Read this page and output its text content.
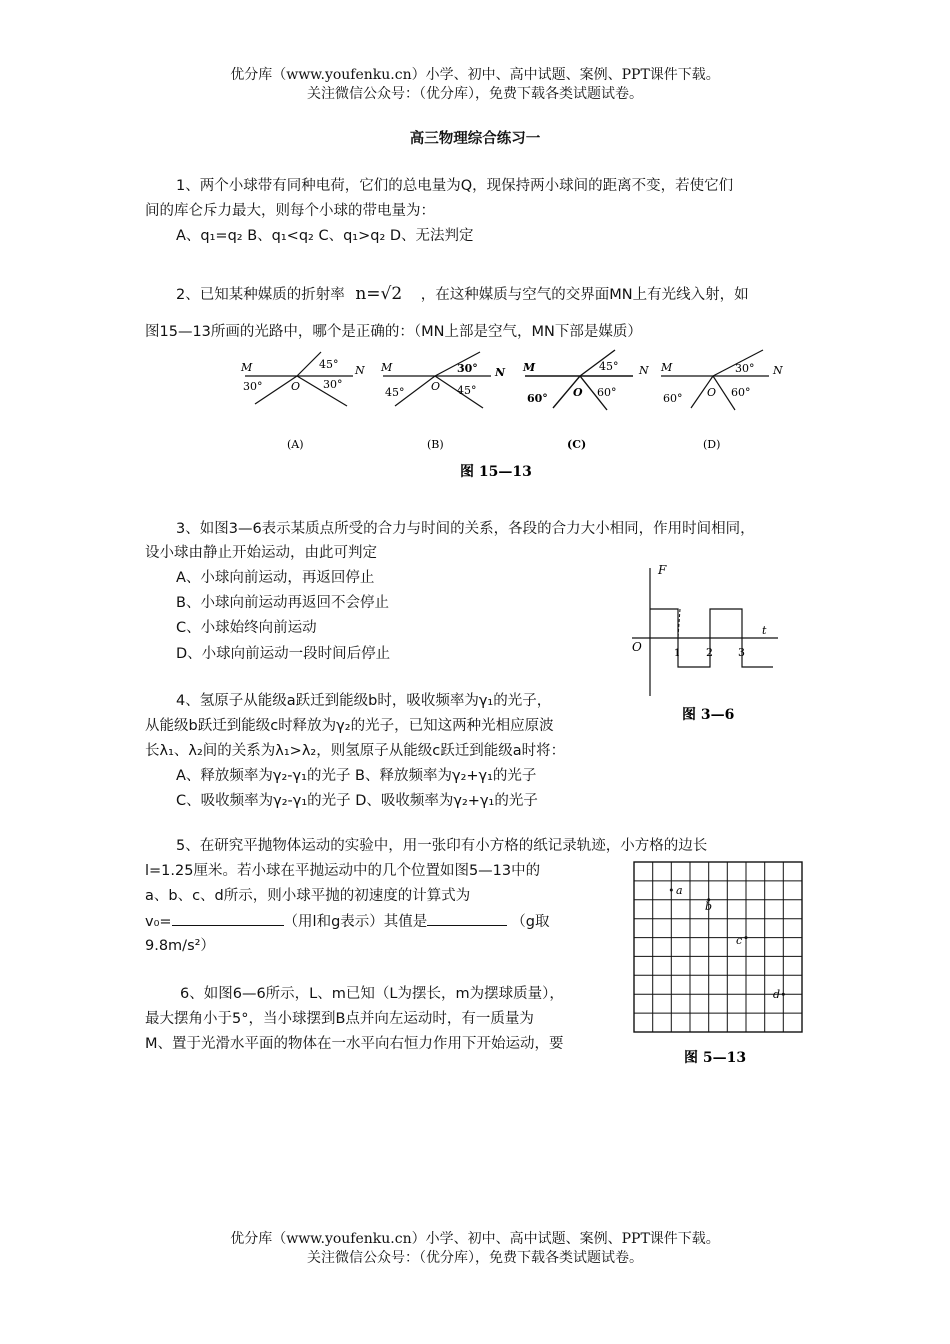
优分库（www.youfenku.cn）小学、初中、高中试题、案例、PPT课件下载。
关注微信公众号：（优分库），免费下载各类试题试卷。
高三物理综合练习一
1、两个小球带有同种电荷，它们的总电量为Q，现保持两小球间的距离不变，若使它们
间的库仑斥力最大，则每个小球的带电量为：
A、q₁=q₂ B、q₁<q₂ C、q₁>q₂ D、无法判定
2、已知某种媒质的折射率 n=√2 ，在这种媒质与空气的交界面MN上有光线入射，如
图15—13所画的光路中，哪个是正确的：（MN上部是空气，MN下部是媒质）
M	N
O
30°
45°
30°
(A)
M	N
O
45°
30°
45°
(B)
M	N
O
60°
45°
60°
(C)
M	N
O
60°
30°
60°
(D)
图 15—13
3、如图3—6表示某质点所受的合力与时间的关系，各段的合力大小相同，作用时间相同，
设小球由静止开始运动，由此可判定
A、小球向前运动，再返回停止
B、小球向前运动再返回不会停止
C、小球始终向前运动
D、小球向前运动一段时间后停止
F
t
O	1 2 3
图 3—6
4、氢原子从能级a跃迁到能级b时，吸收频率为γ₁的光子，
从能级b跃迁到能级c时释放为γ₂的光子，已知这两种光相应原波
长λ₁、λ₂间的关系为λ₁>λ₂，则氢原子从能级c跃迁到能级a时将：
A、释放频率为γ₂-γ₁的光子 B、释放频率为γ₂+γ₁的光子
C、吸收频率为γ₂-γ₁的光子 D、吸收频率为γ₂+γ₁的光子
5、在研究平抛物体运动的实验中，用一张印有小方格的纸记录轨迹，小方格的边长
l=1.25厘米。若小球在平抛运动中的几个位置如图5—13中的
a、b、c、d所示，则小球平抛的初速度的计算式为
v₀=	（用l和g表示）其值是	（g取
9.8m/s²）
a
b
c
d
图 5—13
6、如图6—6所示，L、m已知（L为摆长，m为摆球质量），
最大摆角小于5°，当小球摆到B点并向左运动时，有一质量为
M、置于光滑水平面的物体在一水平向右恒力作用下开始运动，要
优分库（www.youfenku.cn）小学、初中、高中试题、案例、PPT课件下载。
关注微信公众号：（优分库），免费下载各类试题试卷。
